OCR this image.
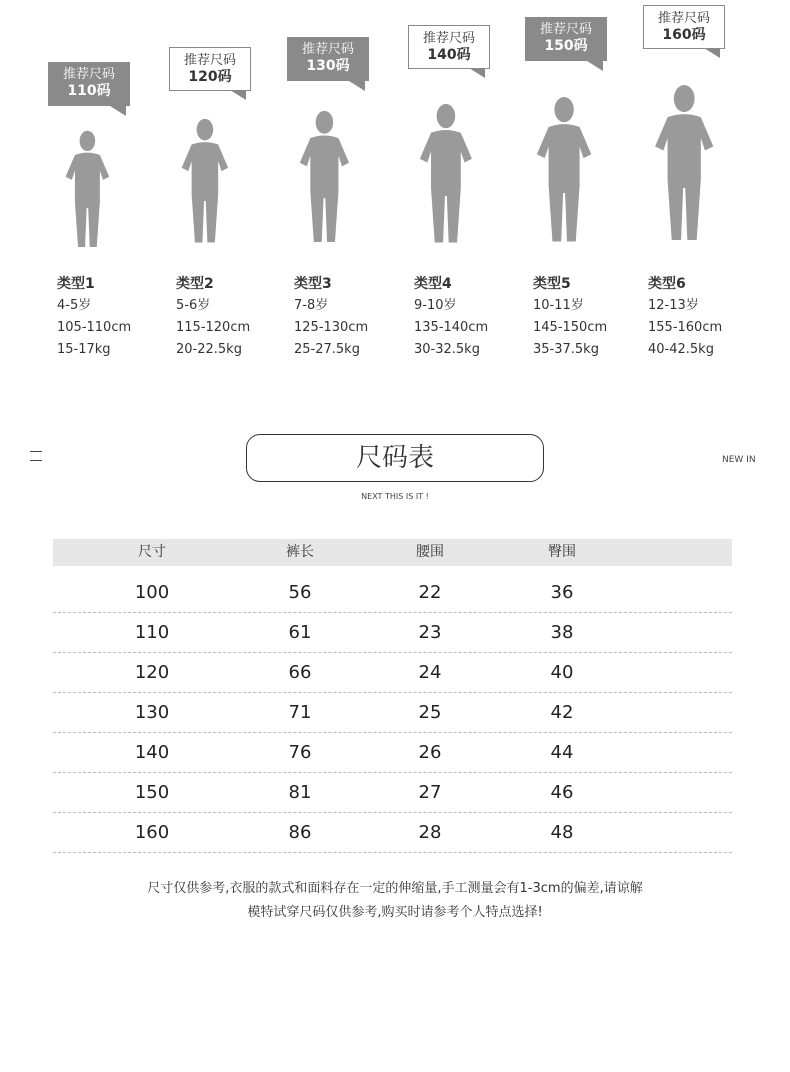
推荐尺码
110码
类型1
4-5岁
105-110cm
15-17kg
推荐尺码
120码
类型2
5-6岁
115-120cm
20-22.5kg
推荐尺码
130码
类型3
7-8岁
125-130cm
25-27.5kg
推荐尺码
140码
类型4
9-10岁
135-140cm
30-32.5kg
推荐尺码
150码
类型5
10-11岁
145-150cm
35-37.5kg
推荐尺码
160码
类型6
12-13岁
155-160cm
40-42.5kg
尺码表	NEW IN
NEXT THIS IS IT !
尺寸	裤长	腰围	臀围
100	56	22	36
110	61	23	38
120	66	24	40
130	71	25	42
140	76	26	44
150	81	27	46
160	86	28	48
尺寸仅供参考,衣服的款式和面料存在一定的伸缩量,手工测量会有1-3cm的偏差,请谅解
模特试穿尺码仅供参考,购买时请参考个人特点选择!
